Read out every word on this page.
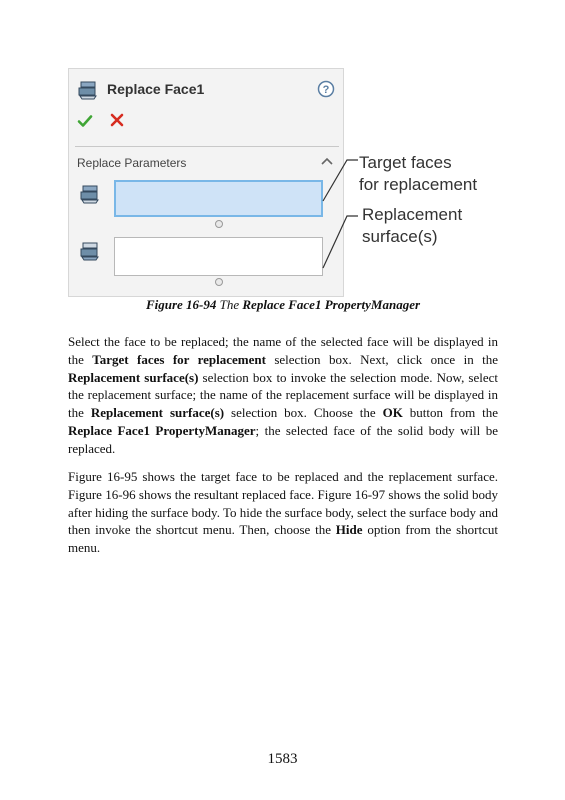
Replace Face1	?
Replace Parameters	Target faces
for replacement
Replacement
surface(s)
Figure 16-94 The Replace Face1 PropertyManager

Select the face to be replaced; the name of the selected face will be displayed in the Target faces for replacement selection box. Next, click once in the Replacement surface(s) selection box to invoke the selection mode. Now, select the replacement surface; the name of the replacement surface will be displayed in the Replacement surface(s) selection box. Choose the OK button from the Replace Face1 PropertyManager; the selected face of the solid body will be replaced.

Figure 16-95 shows the target face to be replaced and the replacement surface. Figure 16-96 shows the resultant replaced face. Figure 16-97 shows the solid body after hiding the surface body. To hide the surface body, select the surface body and then invoke the shortcut menu. Then, choose the Hide option from the shortcut menu.

1583
